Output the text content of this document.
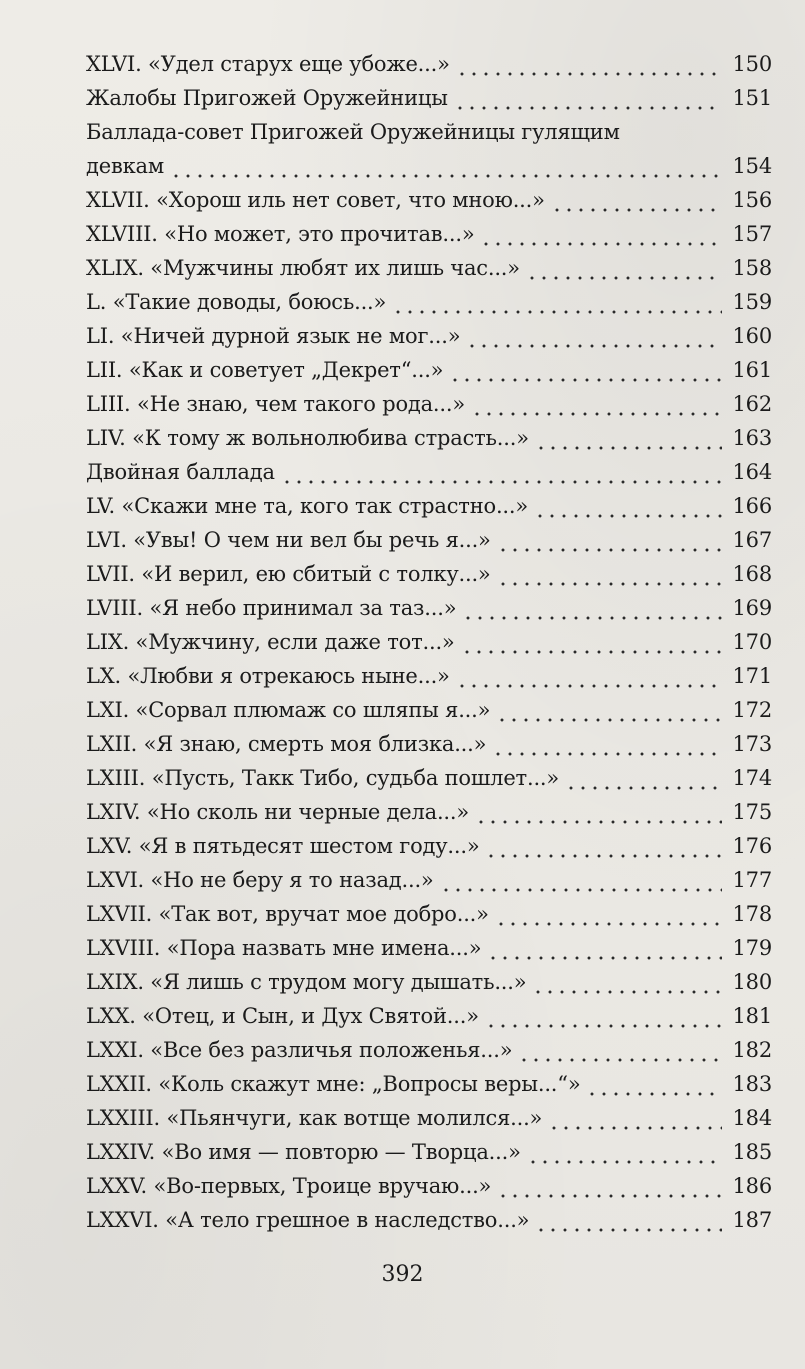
XLVI. «Удел старух еще убоже...»	150
Жалобы Пригожей Оружейницы	151
Баллада-совет Пригожей Оружейницы гулящим
девкам	154
XLVII. «Хорош иль нет совет, что мною...»	156
XLVIII. «Но может, это прочитав...»	157
XLIX. «Мужчины любят их лишь час...»	158
L. «Такие доводы, боюсь...»	159
LI. «Ничей дурной язык не мог...»	160
LII. «Как и советует „Декрет“...»	161
LIII. «Не знаю, чем такого рода...»	162
LIV. «К тому ж вольнолюбива страсть...»	163
Двойная баллада	164
LV. «Скажи мне та, кого так страстно...»	166
LVI. «Увы! О чем ни вел бы речь я...»	167
LVII. «И верил, ею сбитый с толку...»	168
LVIII. «Я небо принимал за таз...»	169
LIX. «Мужчину, если даже тот...»	170
LX. «Любви я отрекаюсь ныне...»	171
LXI. «Сорвал плюмаж со шляпы я...»	172
LXII. «Я знаю, смерть моя близка...»	173
LXIII. «Пусть, Такк Тибо, судьба пошлет...»	174
LXIV. «Но сколь ни черные дела...»	175
LXV. «Я в пятьдесят шестом году...»	176
LXVI. «Но не беру я то назад...»	177
LXVII. «Так вот, вручат мое добро...»	178
LXVIII. «Пора назвать мне имена...»	179
LXIX. «Я лишь с трудом могу дышать...»	180
LXX. «Отец, и Сын, и Дух Святой...»	181
LXXI. «Все без различья положенья...»	182
LXXII. «Коль скажут мне: „Вопросы веры...“»	183
LXXIII. «Пьянчуги, как вотще молился...»	184
LXXIV. «Во имя — повторю — Творца...»	185
LXXV. «Во-первых, Троице вручаю...»	186
LXXVI. «А тело грешное в наследство...»	187
392
